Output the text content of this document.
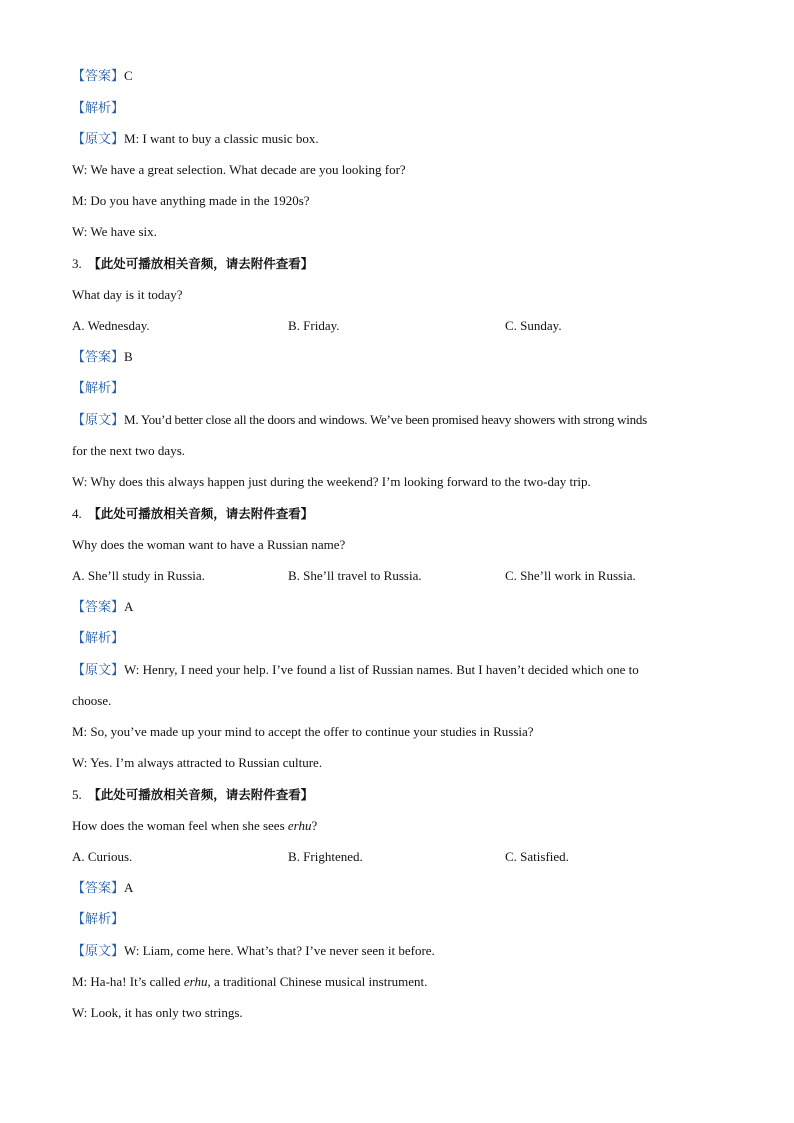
【答案】C
【解析】
【原文】M: I want to buy a classic music box.
W: We have a great selection. What decade are you looking for?
M: Do you have anything made in the 1920s?
W: We have six.
3. 【此处可播放相关音频，请去附件查看】
What day is it today?
A. Wednesday.	B. Friday.	C. Sunday.
【答案】B
【解析】
【原文】M. You’d better close all the doors and windows. We’ve been promised heavy showers with strong winds
for the next two days.
W: Why does this always happen just during the weekend? I’m looking forward to the two-day trip.
4. 【此处可播放相关音频，请去附件查看】
Why does the woman want to have a Russian name?
A. She’ll study in Russia.	B. She’ll travel to Russia.	C. She’ll work in Russia.
【答案】A
【解析】
【原文】W: Henry, I need your help. I’ve found a list of Russian names. But I haven’t decided which one to
choose.
M: So, you’ve made up your mind to accept the offer to continue your studies in Russia?
W: Yes. I’m always attracted to Russian culture.
5. 【此处可播放相关音频，请去附件查看】
How does the woman feel when she sees erhu?
A. Curious.	B. Frightened.	C. Satisfied.
【答案】A
【解析】
【原文】W: Liam, come here. What’s that? I’ve never seen it before.
M: Ha-ha! It’s called erhu, a traditional Chinese musical instrument.
W: Look, it has only two strings.
